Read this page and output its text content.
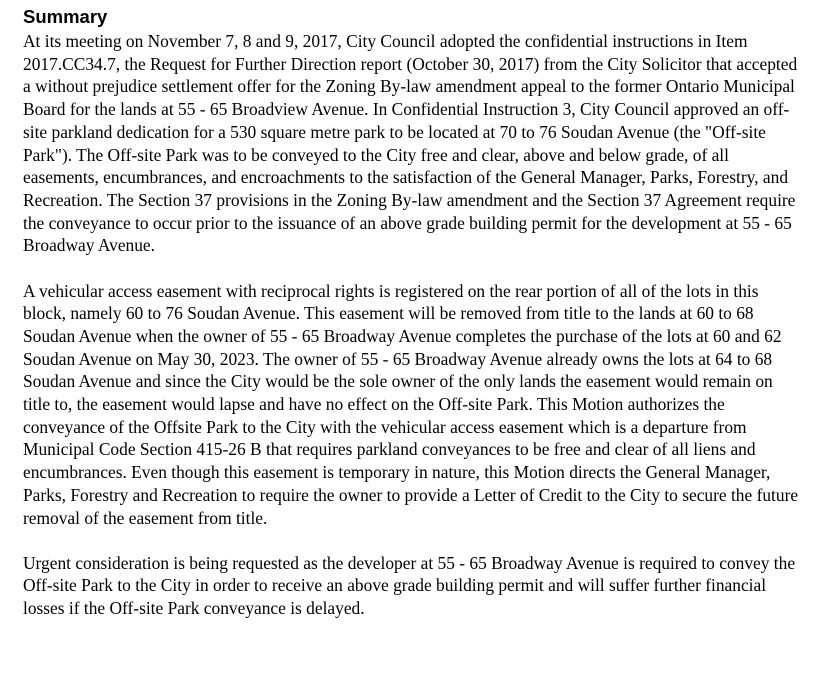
Summary

At its meeting on November 7, 8 and 9, 2017, City Council adopted the confidential instructions in Item 2017.CC34.7, the Request for Further Direction report (October 30, 2017) from the City Solicitor that accepted a without prejudice settlement offer for the Zoning By-law amendment appeal to the former Ontario Municipal Board for the lands at 55 - 65 Broadview Avenue. In Confidential Instruction 3, City Council approved an off-site parkland dedication for a 530 square metre park to be located at 70 to 76 Soudan Avenue (the "Off-site Park"). The Off-site Park was to be conveyed to the City free and clear, above and below grade, of all easements, encumbrances, and encroachments to the satisfaction of the General Manager, Parks, Forestry, and Recreation. The Section 37 provisions in the Zoning By-law amendment and the Section 37 Agreement require the conveyance to occur prior to the issuance of an above grade building permit for the development at 55 - 65 Broadway Avenue.

A vehicular access easement with reciprocal rights is registered on the rear portion of all of the lots in this block, namely 60 to 76 Soudan Avenue. This easement will be removed from title to the lands at 60 to 68 Soudan Avenue when the owner of 55 - 65 Broadway Avenue completes the purchase of the lots at 60 and 62 Soudan Avenue on May 30, 2023. The owner of 55 - 65 Broadway Avenue already owns the lots at 64 to 68 Soudan Avenue and since the City would be the sole owner of the only lands the easement would remain on title to, the easement would lapse and have no effect on the Off-site Park. This Motion authorizes the conveyance of the Offsite Park to the City with the vehicular access easement which is a departure from Municipal Code Section 415-26 B that requires parkland conveyances to be free and clear of all liens and encumbrances. Even though this easement is temporary in nature, this Motion directs the General Manager, Parks, Forestry and Recreation to require the owner to provide a Letter of Credit to the City to secure the future removal of the easement from title.

Urgent consideration is being requested as the developer at 55 - 65 Broadway Avenue is required to convey the Off-site Park to the City in order to receive an above grade building permit and will suffer further financial losses if the Off-site Park conveyance is delayed.
